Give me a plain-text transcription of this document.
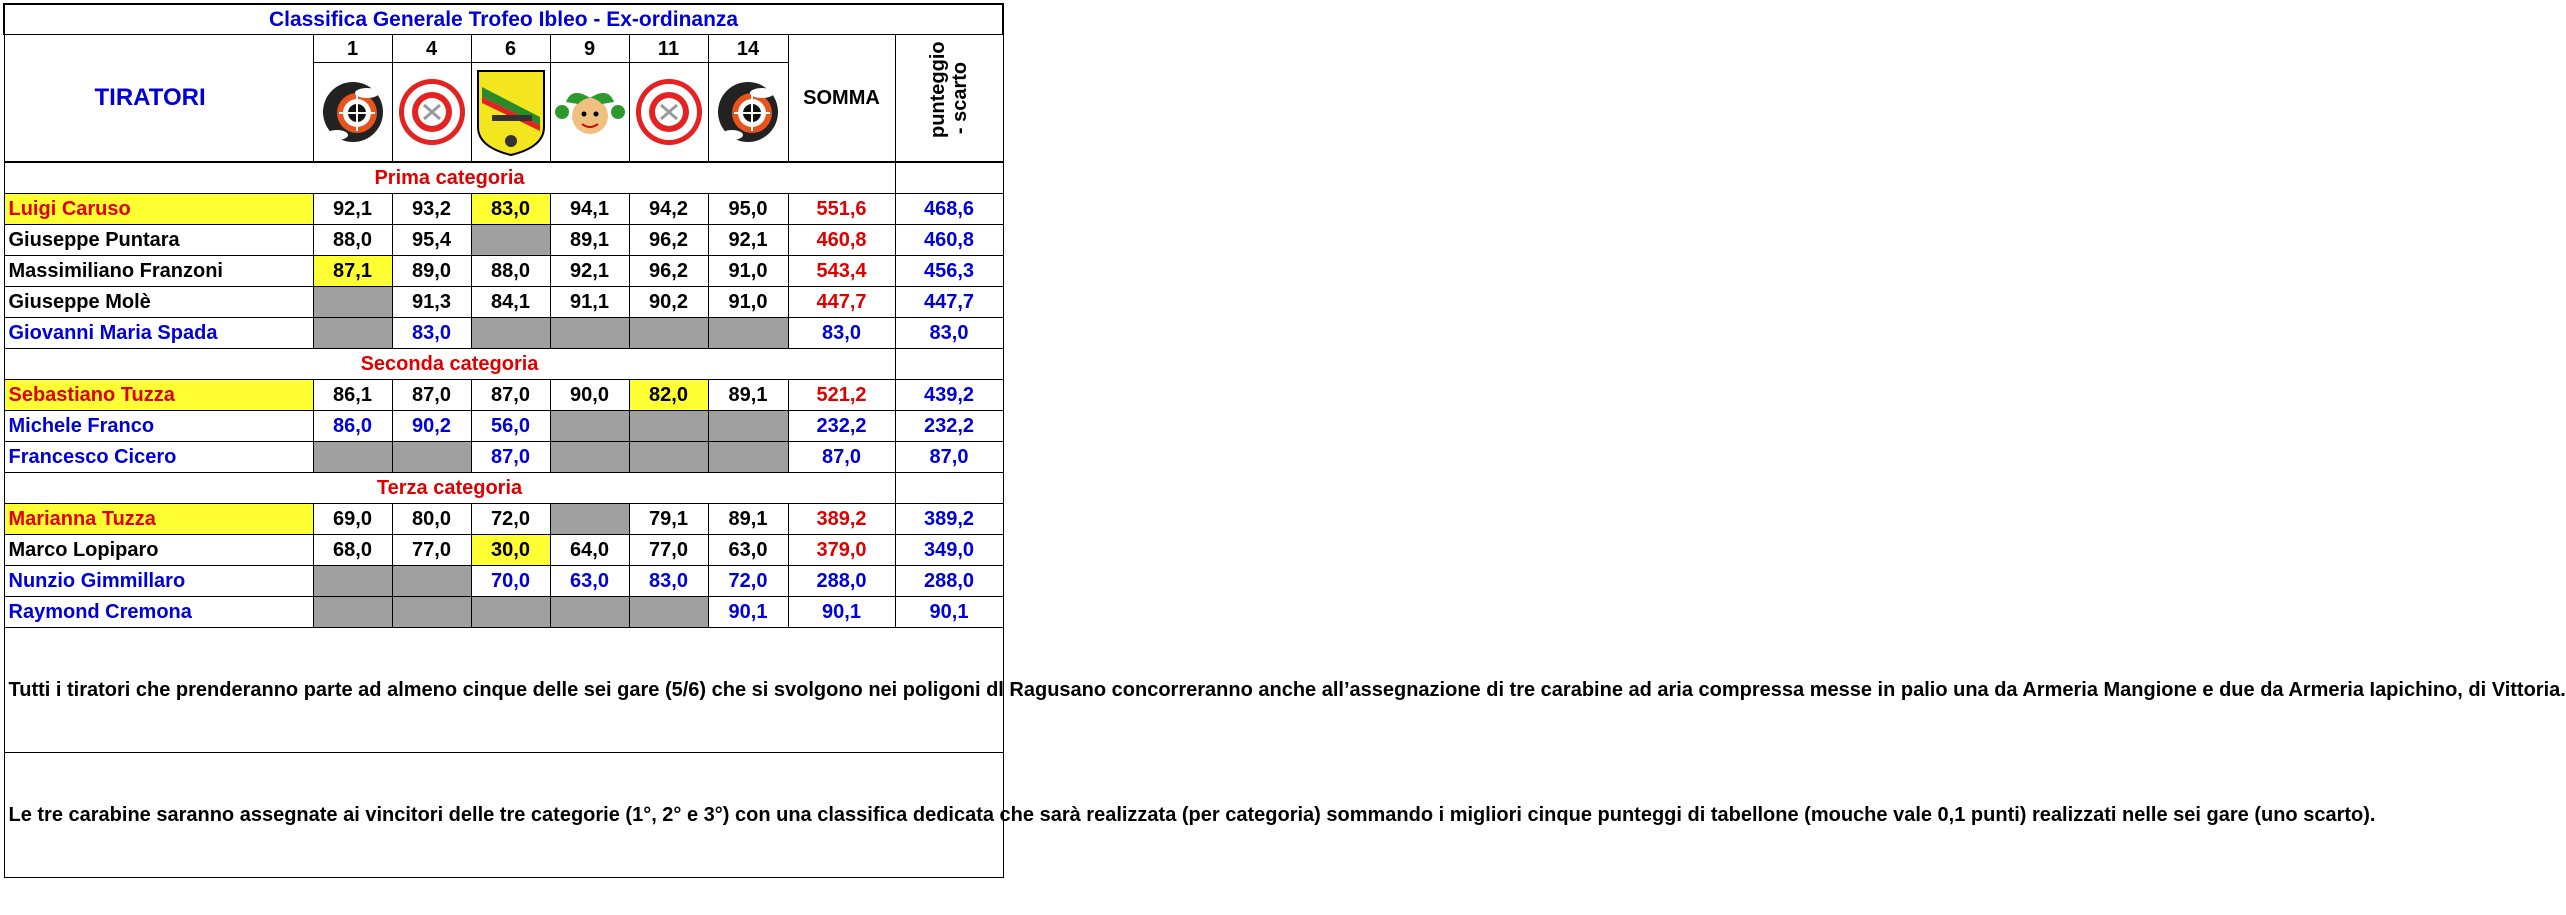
Classifica Generale Trofeo Ibleo - Ex-ordinanza								
TIRATORI	1	4	6	9	11	14	SOMMA	punteggio - scarto

Prima categoria								
Luigi Caruso	92,1	93,2	83,0	94,1	94,2	95,0	551,6	468,6
Giuseppe Puntara	88,0	95,4		89,1	96,2	92,1	460,8	460,8
Massimiliano Franzoni	87,1	89,0	88,0	92,1	96,2	91,0	543,4	456,3
Giuseppe Molè		91,3	84,1	91,1	90,2	91,0	447,7	447,7
Giovanni Maria Spada		83,0					83,0	83,0
Seconda categoria								
Sebastiano Tuzza	86,1	87,0	87,0	90,0	82,0	89,1	521,2	439,2
Michele Franco	86,0	90,2	56,0				232,2	232,2
Francesco Cicero			87,0				87,0	87,0
Terza categoria								
Marianna Tuzza	69,0	80,0	72,0		79,1	89,1	389,2	389,2
Marco Lopiparo	68,0	77,0	30,0	64,0	77,0	63,0	379,0	349,0
Nunzio Gimmillaro			70,0	63,0	83,0	72,0	288,0	288,0
Raymond Cremona						90,1	90,1	90,1
Tutti i tiratori che prenderanno parte ad almeno cinque delle sei gare (5/6) che si svolgono nei poligoni dl Ragusano concorreranno anche all’assegnazione di tre carabine ad aria compressa messe in palio una da Armeria Mangione e due da Armeria Iapichino, di Vittoria.								
Le tre carabine saranno assegnate ai vincitori delle tre categorie (1°, 2° e 3°) con una classifica dedicata che sarà realizzata (per categoria) sommando i migliori cinque punteggi di tabellone (mouche vale 0,1 punti) realizzati nelle sei gare (uno scarto).								
